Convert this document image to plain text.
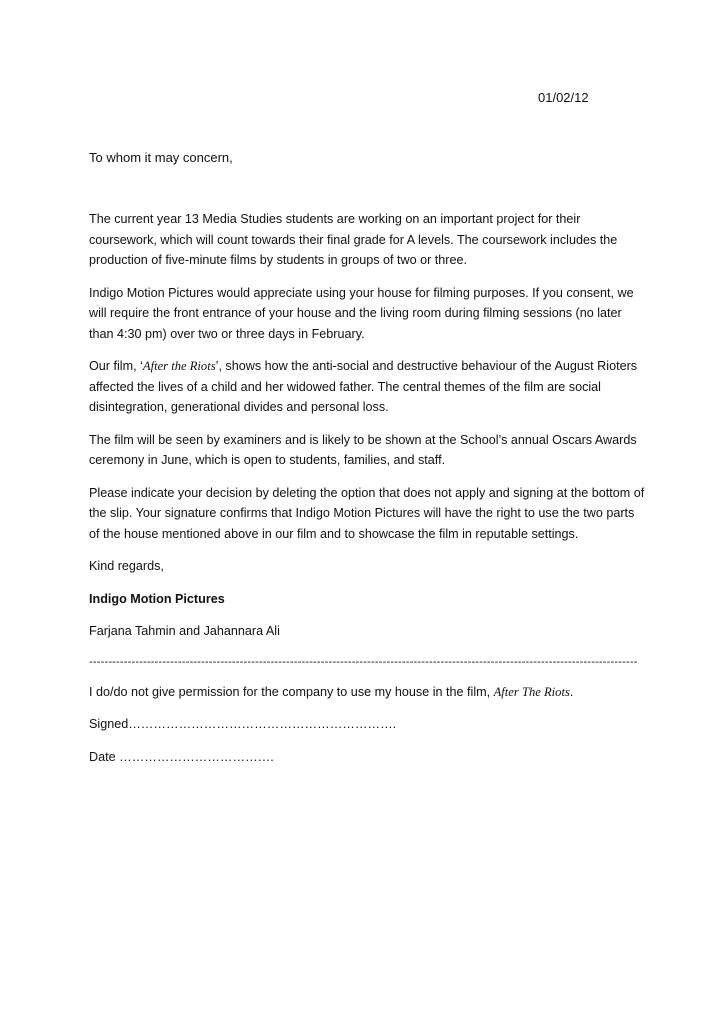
01/02/12
To whom it may concern,

The current year 13 Media Studies students are working on an important project for their
coursework, which will count towards their final grade for A levels. The coursework includes the
production of five-minute films by students in groups of two or three.

Indigo Motion Pictures would appreciate using your house for filming purposes. If you consent, we
will require the front entrance of your house and the living room during filming sessions (no later
than 4:30 pm) over two or three days in February.

Our film, ‘After the Riots’, shows how the anti-social and destructive behaviour of the August Rioters
affected the lives of a child and her widowed father. The central themes of the film are social
disintegration, generational divides and personal loss.

The film will be seen by examiners and is likely to be shown at the School’s annual Oscars Awards
ceremony in June, which is open to students, families, and staff.

Please indicate your decision by deleting the option that does not apply and signing at the bottom of
the slip. Your signature confirms that Indigo Motion Pictures will have the right to use the two parts
of the house mentioned above in our film and to showcase the film in reputable settings.

Kind regards,

Indigo Motion Pictures

Farjana Tahmin and Jahannara Ali

----------------------------------------------------------------------------------------------------------------------------------------------

I do/do not give permission for the company to use my house in the film, After The Riots.

Signed……………………………………………………….

Date ……………………………….
